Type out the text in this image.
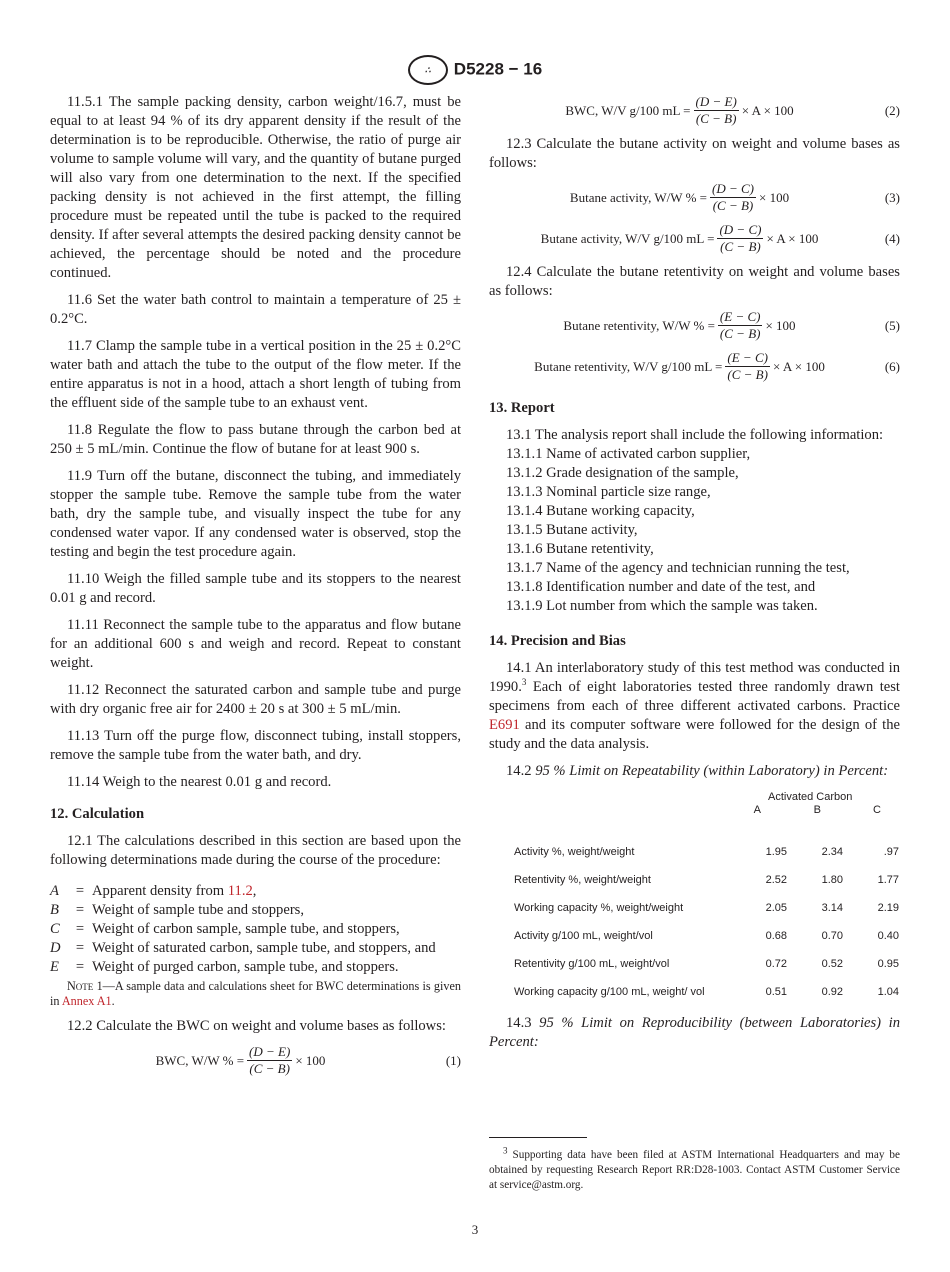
∴ D5228 − 16

11.5.1 The sample packing density, carbon weight/16.7, must be equal to at least 94 % of its dry apparent density if the result of the determination is to be reproducible. Otherwise, the ratio of purge air volume to sample volume will vary, and the quantity of butane purged will also vary from one determination to the next. If the specified packing density is not achieved in the first attempt, the filling procedure must be repeated until the tube is packed to the required density. If after several attempts the desired packing density cannot be achieved, the percentage should be noted and the procedure continued.

11.6 Set the water bath control to maintain a temperature of 25 ± 0.2°C.

11.7 Clamp the sample tube in a vertical position in the 25 ± 0.2°C water bath and attach the tube to the output of the flow meter. If the entire apparatus is not in a hood, attach a short length of tubing from the effluent side of the sample tube to an exhaust vent.

11.8 Regulate the flow to pass butane through the carbon bed at 250 ± 5 mL/min. Continue the flow of butane for at least 900 s.

11.9 Turn off the butane, disconnect the tubing, and immediately stopper the sample tube. Remove the sample tube from the water bath, dry the sample tube, and visually inspect the tube for any condensed water vapor. If any condensed water is observed, stop the testing and begin the test procedure again.

11.10 Weigh the filled sample tube and its stoppers to the nearest 0.01 g and record.

11.11 Reconnect the sample tube to the apparatus and flow butane for an additional 600 s and weigh and record. Repeat to constant weight.

11.12 Reconnect the saturated carbon and sample tube and purge with dry organic free air for 2400 ± 20 s at 300 ± 5 mL/min.

11.13 Turn off the purge flow, disconnect tubing, install stoppers, remove the sample tube from the water bath, and dry.

11.14 Weigh to the nearest 0.01 g and record.

12. Calculation

12.1 The calculations described in this section are based upon the following determinations made during the course of the procedure:

A	= Apparent density from 11.2,
B	= Weight of sample tube and stoppers,
C	= Weight of carbon sample, sample tube, and stoppers,
D	= Weight of saturated carbon, sample tube, and stoppers, and
E	= Weight of purged carbon, sample tube, and stoppers.

Note 1—A sample data and calculations sheet for BWC determinations is given in Annex A1.

12.2 Calculate the BWC on weight and volume bases as follows:

BWC, W/W % = $\frac{(D - E)}{(C - B)} \times 100$	(1)
BWC, W/V g/100 mL = $\frac{(D - E)}{(C - B)} \times A \times 100$	(2)

12.3 Calculate the butane activity on weight and volume bases as follows:

Butane activity, W/W % = $\frac{(D - C)}{(C - B)} \times 100$	(3)
Butane activity, W/V g/100 mL = $\frac{(D - C)}{(C - B)} \times A \times 100$	(4)

12.4 Calculate the butane retentivity on weight and volume bases as follows:

Butane retentivity, W/W % = $\frac{(E - C)}{(C - B)} \times 100$	(5)
Butane retentivity, W/V g/100 mL = $\frac{(E - C)}{(C - B)} \times A \times 100$	(6)

13. Report

13.1 The analysis report shall include the following information:

13.1.1 Name of activated carbon supplier,

13.1.2 Grade designation of the sample,

13.1.3 Nominal particle size range,

13.1.4 Butane working capacity,

13.1.5 Butane activity,

13.1.6 Butane retentivity,

13.1.7 Name of the agency and technician running the test,

13.1.8 Identification number and date of the test, and

13.1.9 Lot number from which the sample was taken.

14. Precision and Bias

14.1 An interlaboratory study of this test method was conducted in 1990.$^3$ Each of eight laboratories tested three randomly drawn test specimens from each of three different activated carbons. Practice E691 and its computer software were followed for the design of the study and the data analysis.

14.2 95 % Limit on Repeatability (within Laboratory) in Percent:

Activated Carbon
A	B	C
Activity %, weight/weight	1.95	2.34	.97
Retentivity %, weight/weight	2.52	1.80	1.77
Working capacity %, weight/weight	2.05	3.14	2.19
Activity g/100 mL, weight/vol	0.68	0.70	0.40
Retentivity g/100 mL, weight/vol	0.72	0.52	0.95
Working capacity g/100 mL, weight/ vol	0.51	0.92	1.04

14.3 95 % Limit on Reproducibility (between Laboratories) in Percent:

$^3$ Supporting data have been filed at ASTM International Headquarters and may be obtained by requesting Research Report RR:D28-1003. Contact ASTM Customer Service at service@astm.org.
3
